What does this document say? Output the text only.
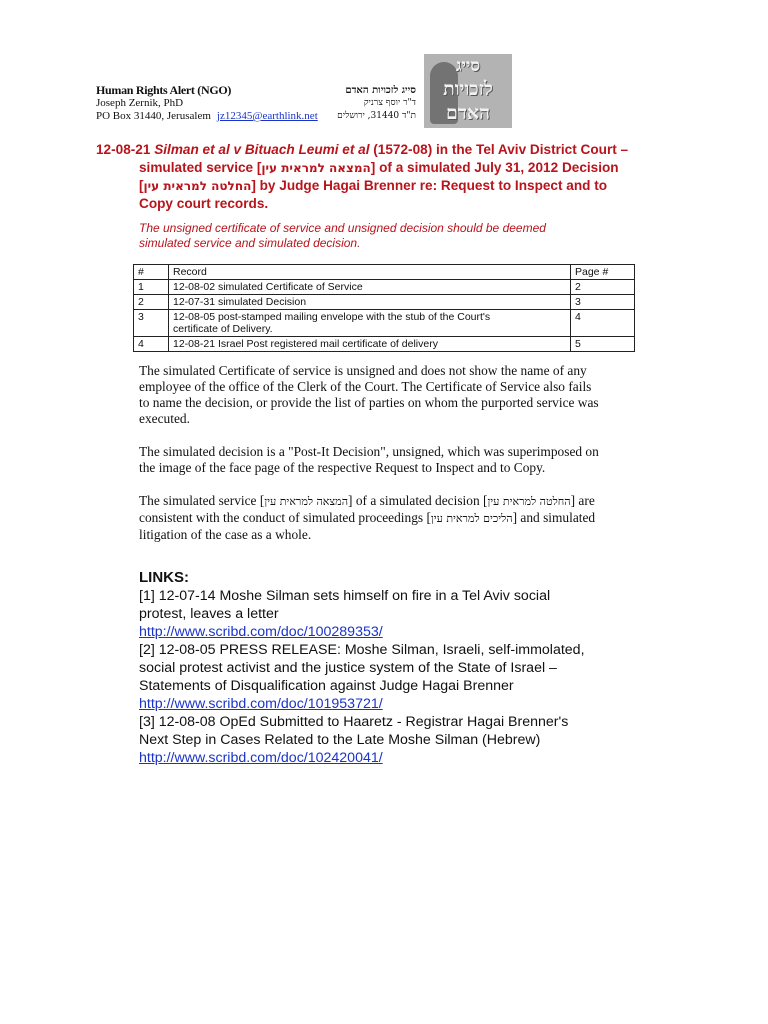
Human Rights Alert (NGO)
Joseph Zernik, PhD
PO Box 31440, Jerusalem jz12345@earthlink.net
סייג לזכויות האדם
ד"ר יוסף צרניק
ת"ד 31440, ירושלים
סייג
לזכויות
האדם
12-08-21 Silman et al v Bituach Leumi et al (1572-08) in the Tel Aviv District Court –
simulated service [המצאה למראית עין] of a simulated July 31, 2012 Decision
[החלטה למראית עין] by Judge Hagai Brenner re: Request to Inspect and to
Copy court records.
The unsigned certificate of service and unsigned decision should be deemed
simulated service and simulated decision.
#	Record	Page #
1	12-08-02 simulated Certificate of Service	2
2	12-07-31 simulated Decision	3
3	12-08-05 post-stamped mailing envelope with the stub of the Court's
certificate of Delivery.	4
4	12-08-21 Israel Post registered mail certificate of delivery	5
The simulated Certificate of service is unsigned and does not show the name of any
employee of the office of the Clerk of the Court. The Certificate of Service also fails
to name the decision, or provide the list of parties on whom the purported service was
executed.
The simulated decision is a "Post-It Decision", unsigned, which was superimposed on
the image of the face page of the respective Request to Inspect and to Copy.
The simulated service [המצאה למראית עין] of a simulated decision [החלטה למראית עין] are
consistent with the conduct of simulated proceedings [הליכים למראית עין] and simulated
litigation of the case as a whole.
LINKS:
[1] 12-07-14 Moshe Silman sets himself on fire in a Tel Aviv social
protest, leaves a letter
http://www.scribd.com/doc/100289353/
[2] 12-08-05 PRESS RELEASE: Moshe Silman, Israeli, self-immolated,
social protest activist and the justice system of the State of Israel –
Statements of Disqualification against Judge Hagai Brenner
http://www.scribd.com/doc/101953721/
[3] 12-08-08 OpEd Submitted to Haaretz - Registrar Hagai Brenner's
Next Step in Cases Related to the Late Moshe Silman (Hebrew)
http://www.scribd.com/doc/102420041/
